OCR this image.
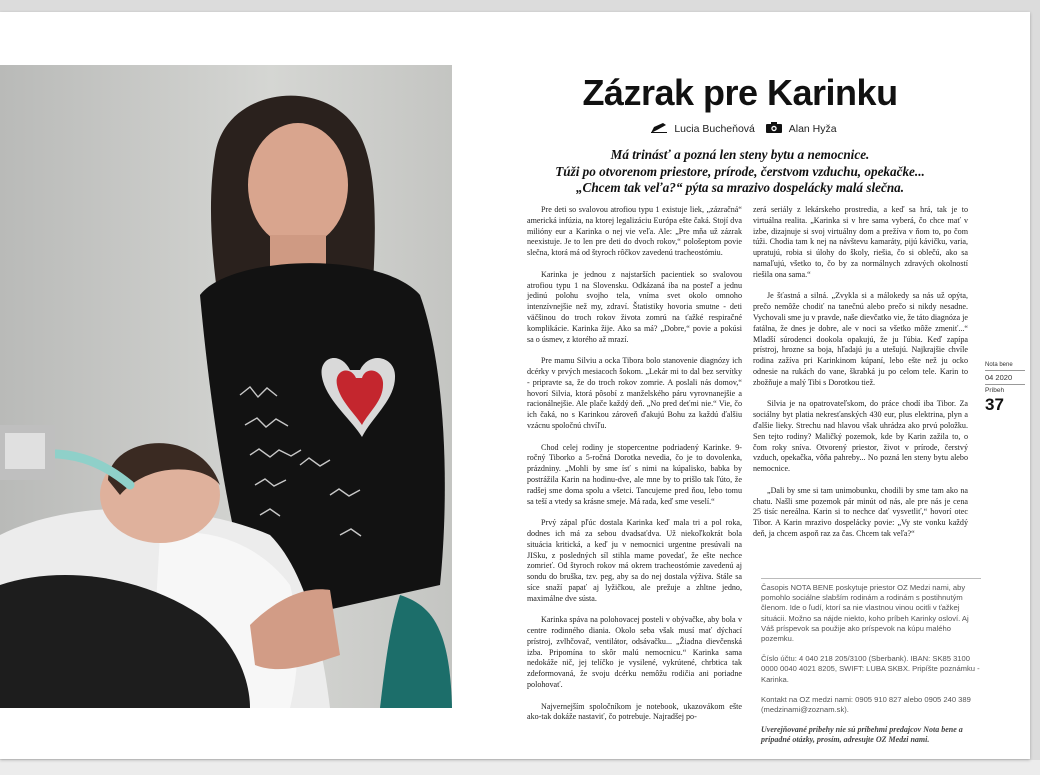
Zázrak pre Karinku
Lucia Bucheňová	Alan Hyža
Má trinásť a pozná len steny bytu a nemocnice.
Túži po otvorenom priestore, prírode, čerstvom vzduchu, opekačke...
„Chcem tak veľa?“ pýta sa mrazivo dospelácky malá slečna.

Pre deti so svalovou atrofiou typu 1 existuje liek, „zázračná“ americká infúzia, na ktorej legalizáciu Európa ešte čaká. Stojí dva milióny eur a Karinka o nej vie veľa. Ale: „Pre mňa už zázrak neexistuje. Je to len pre deti do dvoch rokov,“ pološeptom povie slečna, ktorá má od štyroch rôčkov zavedenú tracheostómiu.

Karinka je jednou z najstarších pacientiek so svalovou atrofiou typu 1 na Slovensku. Odkázaná iba na posteľ a jednu jedinú polohu svojho tela, vníma svet okolo omnoho intenzívnejšie než my, zdraví. Štatistiky hovoria smutne - deti väčšinou do troch rokov života zomrú na ťažké respiračné komplikácie. Karinka žije. Ako sa má? „Dobre,“ povie a pokúsi sa o úsmev, z ktorého až mrazí.

Pre mamu Silviu a ocka Tibora bolo stanovenie diagnózy ich dcérky v prvých mesiacoch šokom. „Lekár mi to dal bez servítky - pripravte sa, že do troch rokov zomrie. A poslali nás domov,“ hovorí Silvia, ktorá pôsobí z manželského páru vyrovnanejšie a racionálnejšie. Ale plače každý deň. „No pred deťmi nie.“ Vie, čo ich čaká, no s Karinkou zároveň ďakujú Bohu za každú ďalšiu vzácnu spoločnú chvíľu.

Chod celej rodiny je stopercentne podriadený Karinke. 9-ročný Tiborko a 5-ročná Dorotka nevedia, čo je to dovolenka, prázdniny. „Mohli by sme ísť s nimi na kúpalisko, babka by postrážila Karin na hodinu-dve, ale mne by to prišlo tak ľúto, že radšej sme doma spolu a všetci. Tancujeme pred ňou, lebo tomu sa teší a vtedy sa krásne smeje. Má rada, keď sme veselí.“

Prvý zápal pľúc dostala Karinka keď mala tri a pol roka, dodnes ich má za sebou dvadsaťdva. Už niekoľkokrát bola situácia kritická, a keď ju v nemocnici urgentne presúvali na JISku, z posledných síl stihla mame povedať, že ešte nechce zomrieť. Od štyroch rokov má okrem tracheostómie zavedenú aj sondu do bruška, tzv. peg, aby sa do nej dostala výživa. Stále sa síce snaží papať aj lyžičkou, ale prežuje a zhltne jedno, maximálne dve sústa.

Karinka spáva na polohovacej posteli v obývačke, aby bola v centre rodinného diania. Okolo seba však musí mať dýchací prístroj, zvlhčovač, ventilátor, odsávačku... „Žiadna dievčenská izba. Pripomína to skôr malú nemocnicu.“ Karinka sama nedokáže nič, jej telíčko je vysilené, vykrútené, chrbtica tak zdeformovaná, že svoju dcérku nemôžu rodičia ani poriadne polohovať.

Najvernejším spoločníkom je notebook, ukazovákom ešte ako-tak dokáže nastaviť, čo potrebuje. Najradšej po-

zerá seriály z lekárskeho prostredia, a keď sa hrá, tak je to virtuálna realita. „Karinka si v hre sama vyberá, čo chce mať v izbe, dizajnuje si svoj virtuálny dom a prežíva v ňom to, po čom túži. Chodia tam k nej na návštevu kamaráty, pijú kávičku, varia, upratujú, robia si úlohy do školy, riešia, čo si oblečú, ako sa namaľujú, všetko to, čo by za normálnych zdravých okolností riešila ona sama.“

Je šťastná a silná. „Zvykla si a málokedy sa nás už opýta, prečo nemôže chodiť na tanečnú alebo prečo si nikdy nesadne. Vychovali sme ju v pravde, naše dievčatko vie, že táto diagnóza je fatálna, že dnes je dobre, ale v noci sa všetko môže zmeniť...“ Mladší súrodenci dookola opakujú, že ju ľúbia. Keď zapípa prístroj, hrozne sa boja, hľadajú ju a utešujú. Najkrajšie chvíle rodina zažíva pri Karinkinom kúpaní, lebo ešte než ju ocko odnesie na rukách do vane, škrabká ju po celom tele. Karin to zbožňuje a malý Tibi s Dorotkou tiež.

Silvia je na opatrovateľskom, do práce chodí iba Tibor. Za sociálny byt platia nekresťanských 430 eur, plus elektrina, plyn a ďalšie lieky. Strechu nad hlavou však uhrádza ako prvú položku. Sen tejto rodiny? Maličký pozemok, kde by Karin zažila to, o čom roky sníva. Otvorený priestor, život v prírode, čerstvý vzduch, opekačka, vôňa pahreby... No pozná len steny bytu alebo nemocnice.

„Dali by sme si tam unimobunku, chodili by sme tam ako na chatu. Našli sme pozemok pár minút od nás, ale pre nás je cena 25 tisíc nereálna. Karin si to nechce dať vysvetliť,“ hovorí otec Tibor. A Karin mrazivo dospelácky povie: „Vy ste vonku každý deň, ja chcem aspoň raz za čas. Chcem tak veľa?“

Časopis NOTA BENE poskytuje priestor OZ Medzi nami, aby pomohlo sociálne slabším rodinám a rodinám s postihnutým členom. Ide o ľudí, ktorí sa nie vlastnou vinou ocitli v ťažkej situácii. Možno sa nájde niekto, koho príbeh Karinky osloví. Aj Váš príspevok sa použije ako príspevok na kúpu malého pozemku.

Číslo účtu: 4 040 218 205/3100 (Sberbank). IBAN: SK85 3100 0000 0040 4021 8205, SWIFT: LUBA SKBX. Pripíšte poznámku - Karinka.

Kontakt na OZ medzi nami: 0905 910 827 alebo 0905 240 389 (medzinami@zoznam.sk).

Uverejňované príbehy nie sú príbehmi predajcov Nota bene a prípadné otázky, prosím, adresujte OZ Medzi nami.

Nota bene
04 2020
Príbeh
37
